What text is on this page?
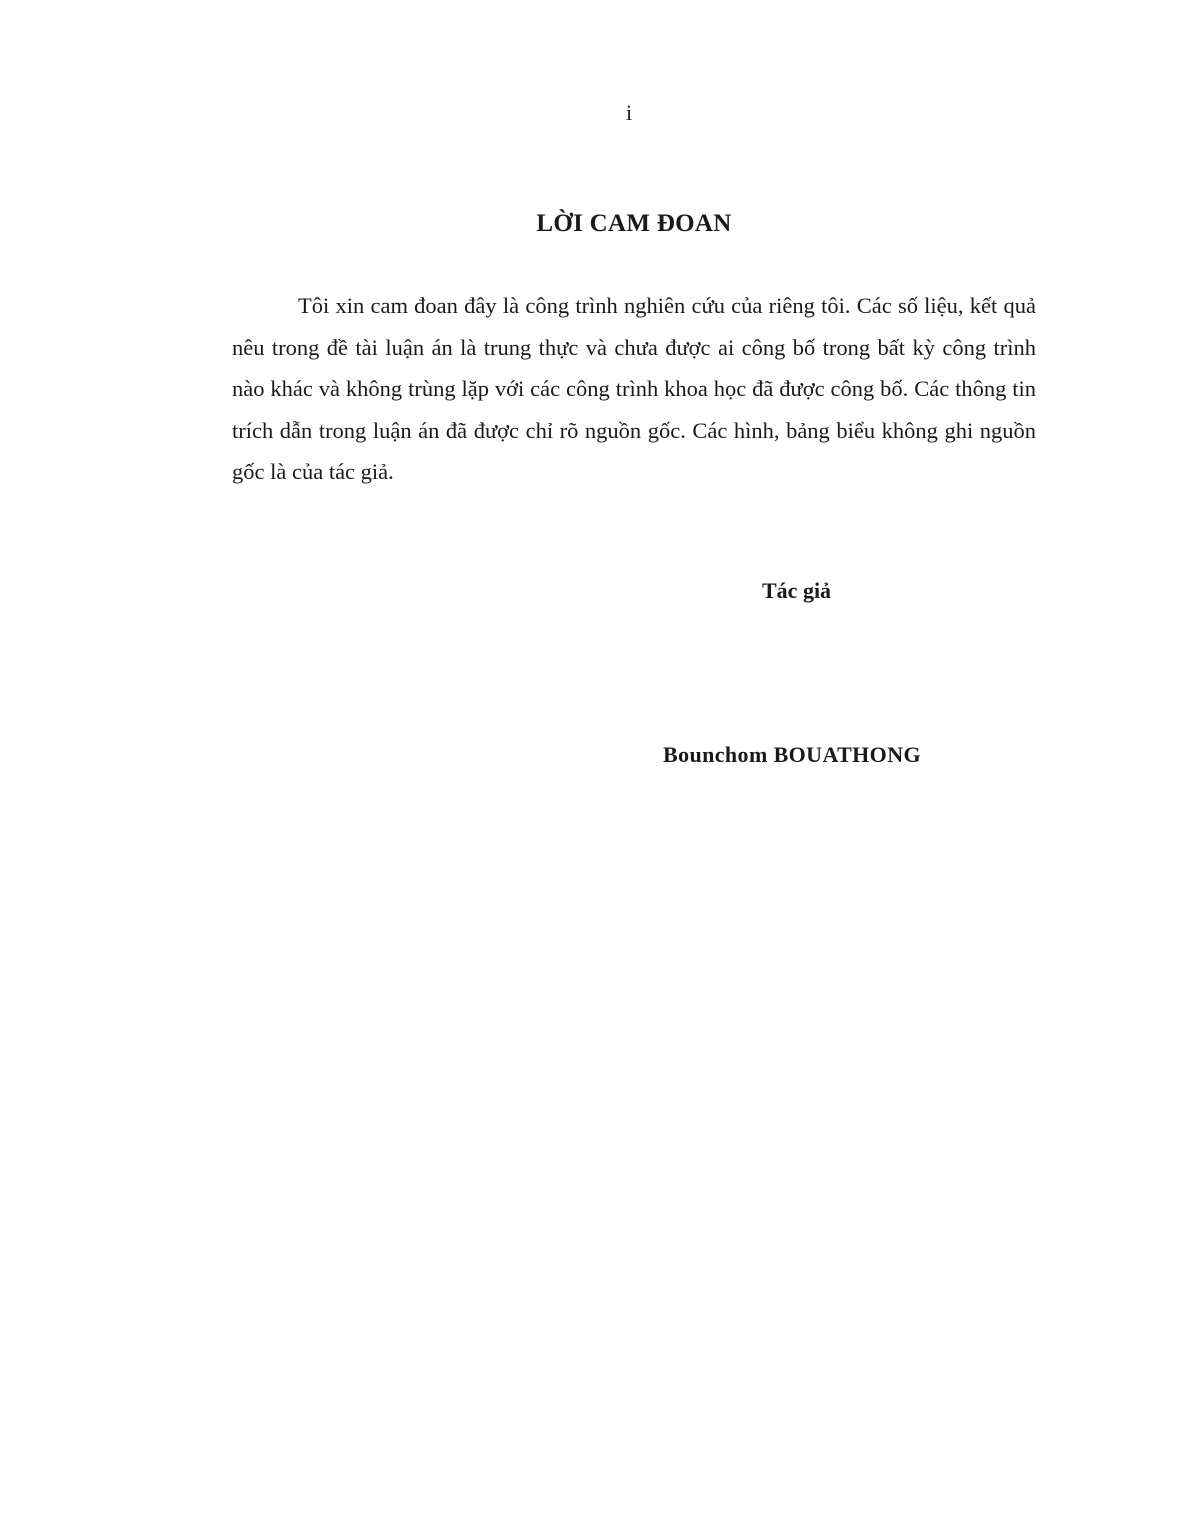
i
LỜI CAM ĐOAN

Tôi xin cam đoan đây là công trình nghiên cứu của riêng tôi. Các số liệu, kết quả nêu trong đề tài luận án là trung thực và chưa được ai công bố trong bất kỳ công trình nào khác và không trùng lặp với các công trình khoa học đã được công bố. Các thông tin trích dẫn trong luận án đã được chỉ rõ nguồn gốc. Các hình, bảng biểu không ghi nguồn gốc là của tác giả.

Tác giả
Bounchom BOUATHONG
